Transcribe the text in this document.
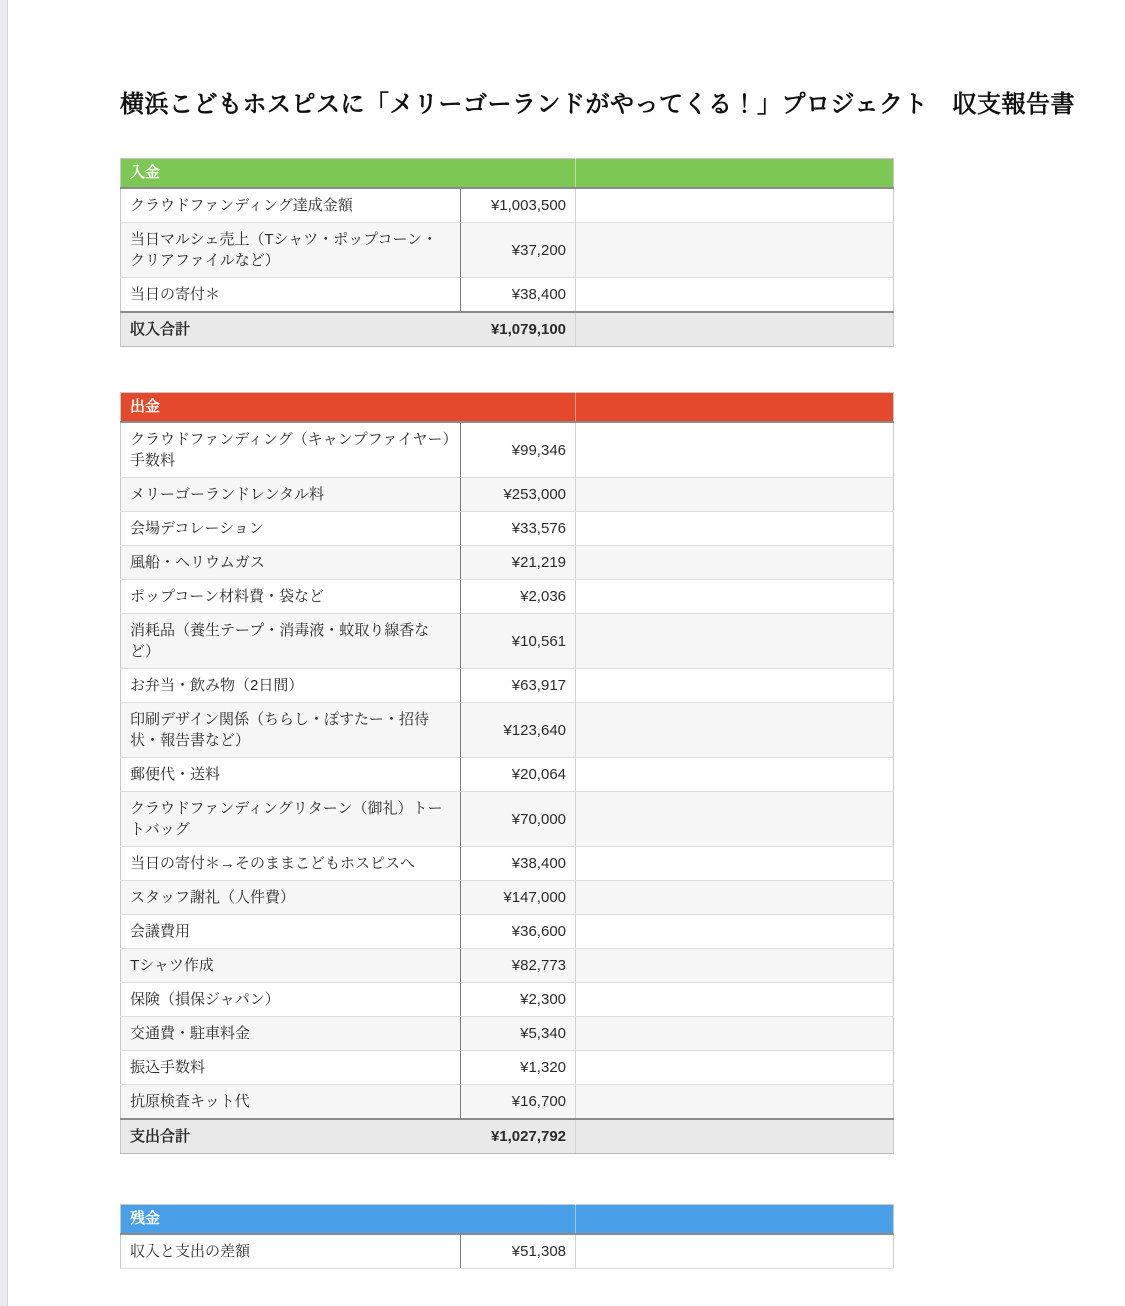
横浜こどもホスピスに「メリーゴーランドがやってくる！」プロジェクト　収支報告書
入金		
クラウドファンディング達成金額	¥1,003,500	
当日マルシェ売上（Tシャツ・ポップコーン・クリアファイルなど）	¥37,200	
当日の寄付＊	¥38,400	
収入合計	¥1,079,100	
出金		
クラウドファンディング（キャンプファイヤー）手数料	¥99,346	
メリーゴーランドレンタル料	¥253,000	
会場デコレーション	¥33,576	
風船・ヘリウムガス	¥21,219	
ポップコーン材料費・袋など	¥2,036	
消耗品（養生テープ・消毒液・蚊取り線香など）	¥10,561	
お弁当・飲み物（2日間）	¥63,917	
印刷デザイン関係（ちらし・ぽすたー・招待状・報告書など）	¥123,640	
郵便代・送料	¥20,064	
クラウドファンディングリターン（御礼）トートバッグ	¥70,000	
当日の寄付＊→そのままこどもホスピスへ	¥38,400	
スタッフ謝礼（人件費）	¥147,000	
会議費用	¥36,600	
Tシャツ作成	¥82,773	
保険（損保ジャパン）	¥2,300	
交通費・駐車料金	¥5,340	
振込手数料	¥1,320	
抗原検査キット代	¥16,700	
支出合計	¥1,027,792	
残金		
収入と支出の差額	¥51,308	
